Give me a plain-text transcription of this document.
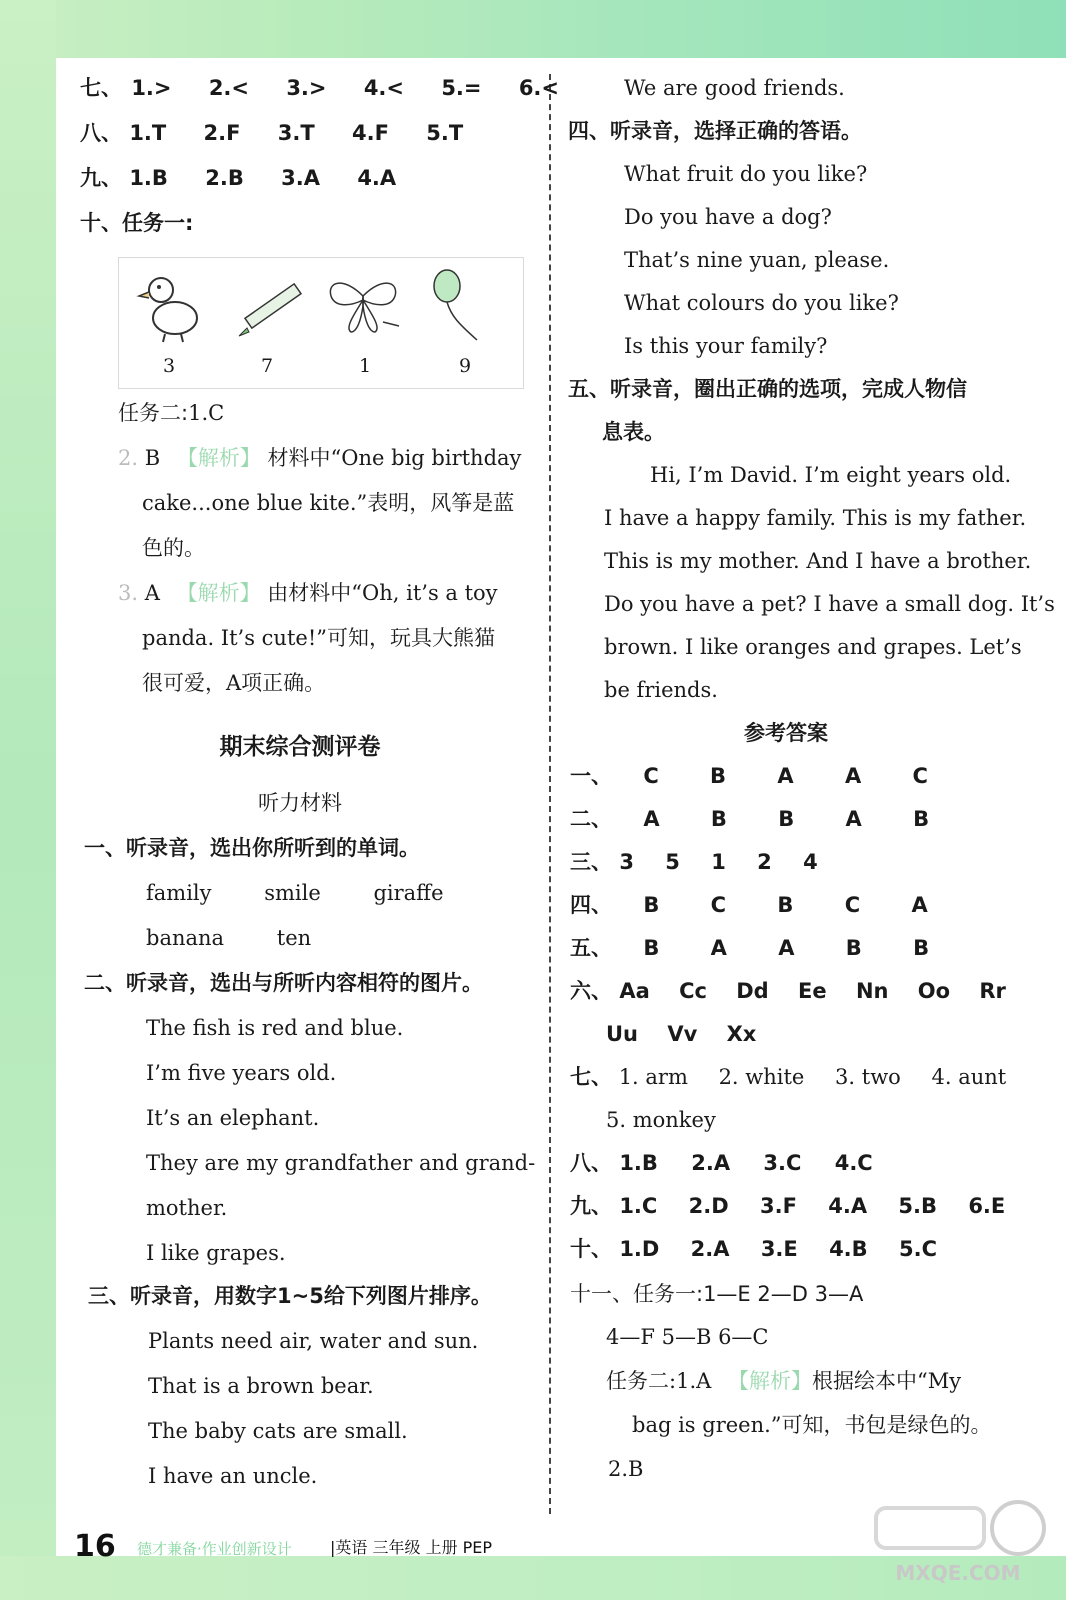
七、 1.> 2.< 3.> 4.< 5.= 6.<
八、 1.T 2.F 3.T 4.F 5.T
九、 1.B 2.B 3.A 4.A
十、任务一:
3	7	1	9
任务二:1.C
2. B 【解析】 材料中“One big birthday
cake...one blue kite.”表明，风筝是蓝
色的。
3. A 【解析】 由材料中“Oh, it’s a toy
panda. It’s cute!”可知，玩具大熊猫
很可爱，A项正确。
期末综合测评卷
听力材料
一、听录音，选出你所听到的单词。
family	smile	giraffe
banana	ten
二、听录音，选出与所听内容相符的图片。
The fish is red and blue.
I’m five years old.
It’s an elephant.
They are my grandfather and grand-
mother.
I like grapes.
三、听录音，用数字1~5给下列图片排序。
Plants need air, water and sun.
That is a brown bear.
The baby cats are small.
I have an uncle.
We are good friends.
四、听录音，选择正确的答语。
What fruit do you like?
Do you have a dog?
That’s nine yuan, please.
What colours do you like?
Is this your family?
五、听录音，圈出正确的选项，完成人物信
息表。
Hi, I’m David. I’m eight years old.
I have a happy family. This is my father.
This is my mother. And I have a brother.
Do you have a pet? I have a small dog. It’s
brown. I like oranges and grapes. Let’s
be friends.
参考答案
一、 C B A A C
二、 A B B A B
三、 3 5 1 2 4
四、 B C B C A
五、 B A A B B
六、 Aa Cc Dd Ee Nn Oo Rr
Uu Vv Xx
七、 1. arm 2. white 3. two 4. aunt
5. monkey
八、 1.B 2.A 3.C 4.C
九、 1.C 2.D 3.F 4.A 5.B 6.E
十、 1.D 2.A 3.E 4.B 5.C
十一、任务一:1—E 2—D 3—A
4—F 5—B 6—C
任务二:1.A 【解析】根据绘本中“My
bag is green.”可知，书包是绿色的。
2.B
16 德才兼备·作业创新设计 |英语 三年级 上册 PEP
MXQE.COM
